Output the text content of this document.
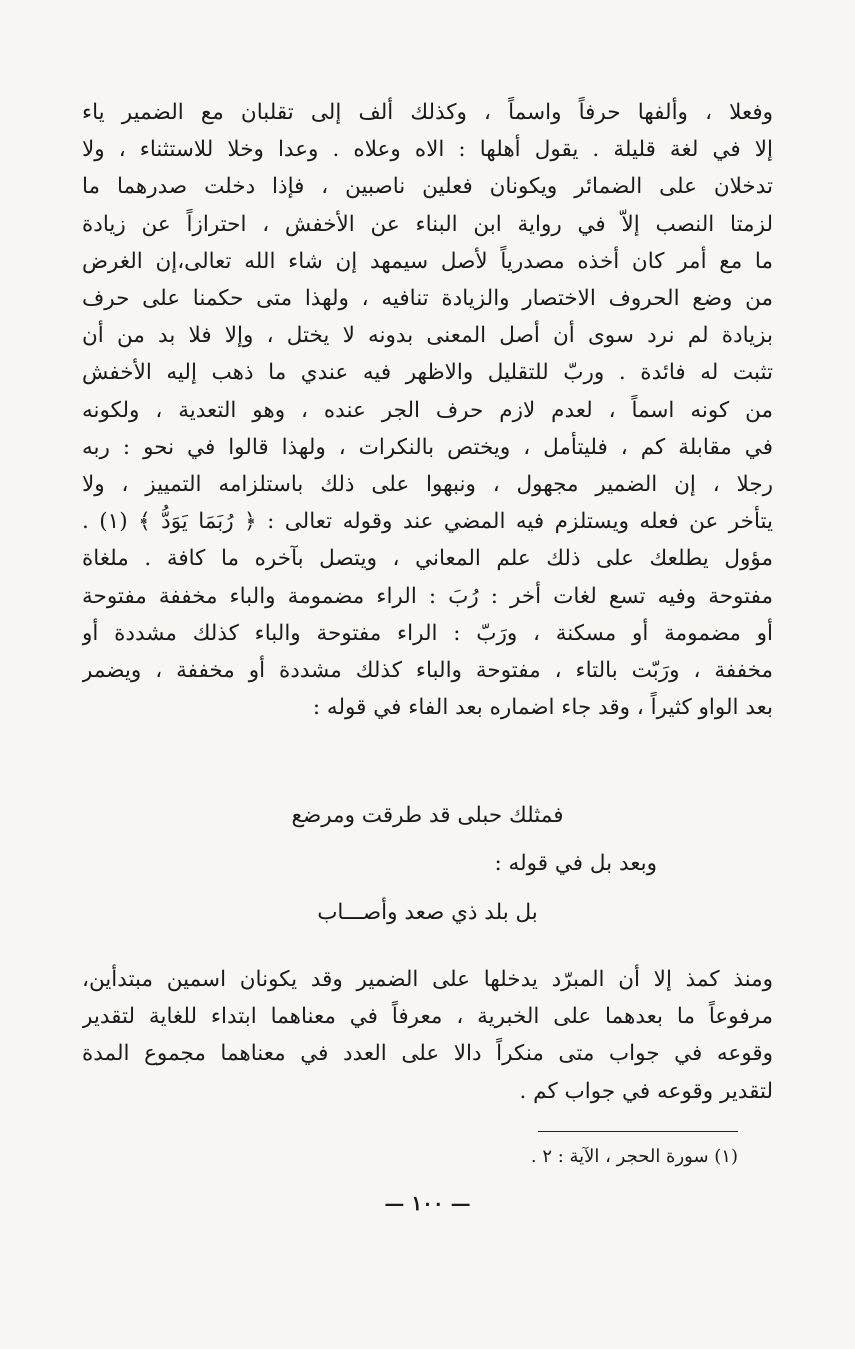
وفعلا ، وألفها حرفاً واسماً ، وكذلك ألف إلى تقلبان مع الضمير ياء
إلا في لغة قليلة . يقول أهلها : الاه وعلاه . وعدا وخلا للاستثناء ، ولا
تدخلان على الضمائر ويكونان فعلين ناصبين ، فإذا دخلت صدرهما ما
لزمتا النصب إلاّ في رواية ابن البناء عن الأخفش ، احترازاً عن زيادة
ما مع أمر كان أخذه مصدرياً لأصل سيمهد إن شاء الله تعالى،إن الغرض
من وضع الحروف الاختصار والزيادة تنافيه ، ولهذا متى حكمنا على حرف
بزيادة لم نرد سوى أن أصل المعنى بدونه لا يختل ، وإلا فلا بد من أن
تثبت له فائدة . وربّ للتقليل والاظهر فيه عندي ما ذهب إليه الأخفش
من كونه اسماً ، لعدم لازم حرف الجر عنده ، وهو التعدية ، ولكونه
في مقابلة كم ، فليتأمل ، ويختص بالنكرات ، ولهذا قالوا في نحو : ربه
رجلا ، إن الضمير مجهول ، ونبهوا على ذلك باستلزامه التمييز ، ولا
يتأخر عن فعله ويستلزم فيه المضي عند وقوله تعالى : ﴿ رُبَمَا يَوَدُّ ﴾ (١) .
مؤول يطلعك على ذلك علم المعاني ، ويتصل بآخره ما كافة . ملغاة
مفتوحة وفيه تسع لغات أخر : رُبَ : الراء مضمومة والباء مخففة مفتوحة
أو مضمومة أو مسكنة ، ورَبّ : الراء مفتوحة والباء كذلك مشددة أو
مخففة ، ورَبّت بالتاء ، مفتوحة والباء كذلك مشددة أو مخففة ، ويضمر
بعد الواو كثيراً ، وقد جاء اضماره بعد الفاء في قوله :
فمثلك حبلى قد طرقت ومرضع
وبعد بل في قوله :
بل بلد ذي صعد وأصـــاب
ومنذ كمذ إلا أن المبرّد يدخلها على الضمير وقد يكونان اسمين مبتدأين،
مرفوعاً ما بعدهما على الخبرية ، معرفاً في معناهما ابتداء للغاية لتقدير
وقوعه في جواب متى منكراً دالا على العدد في معناهما مجموع المدة
لتقدير وقوعه في جواب كم .
(١) سورة الحجر ، الآية : ٢ .
— ١٠٠ —
